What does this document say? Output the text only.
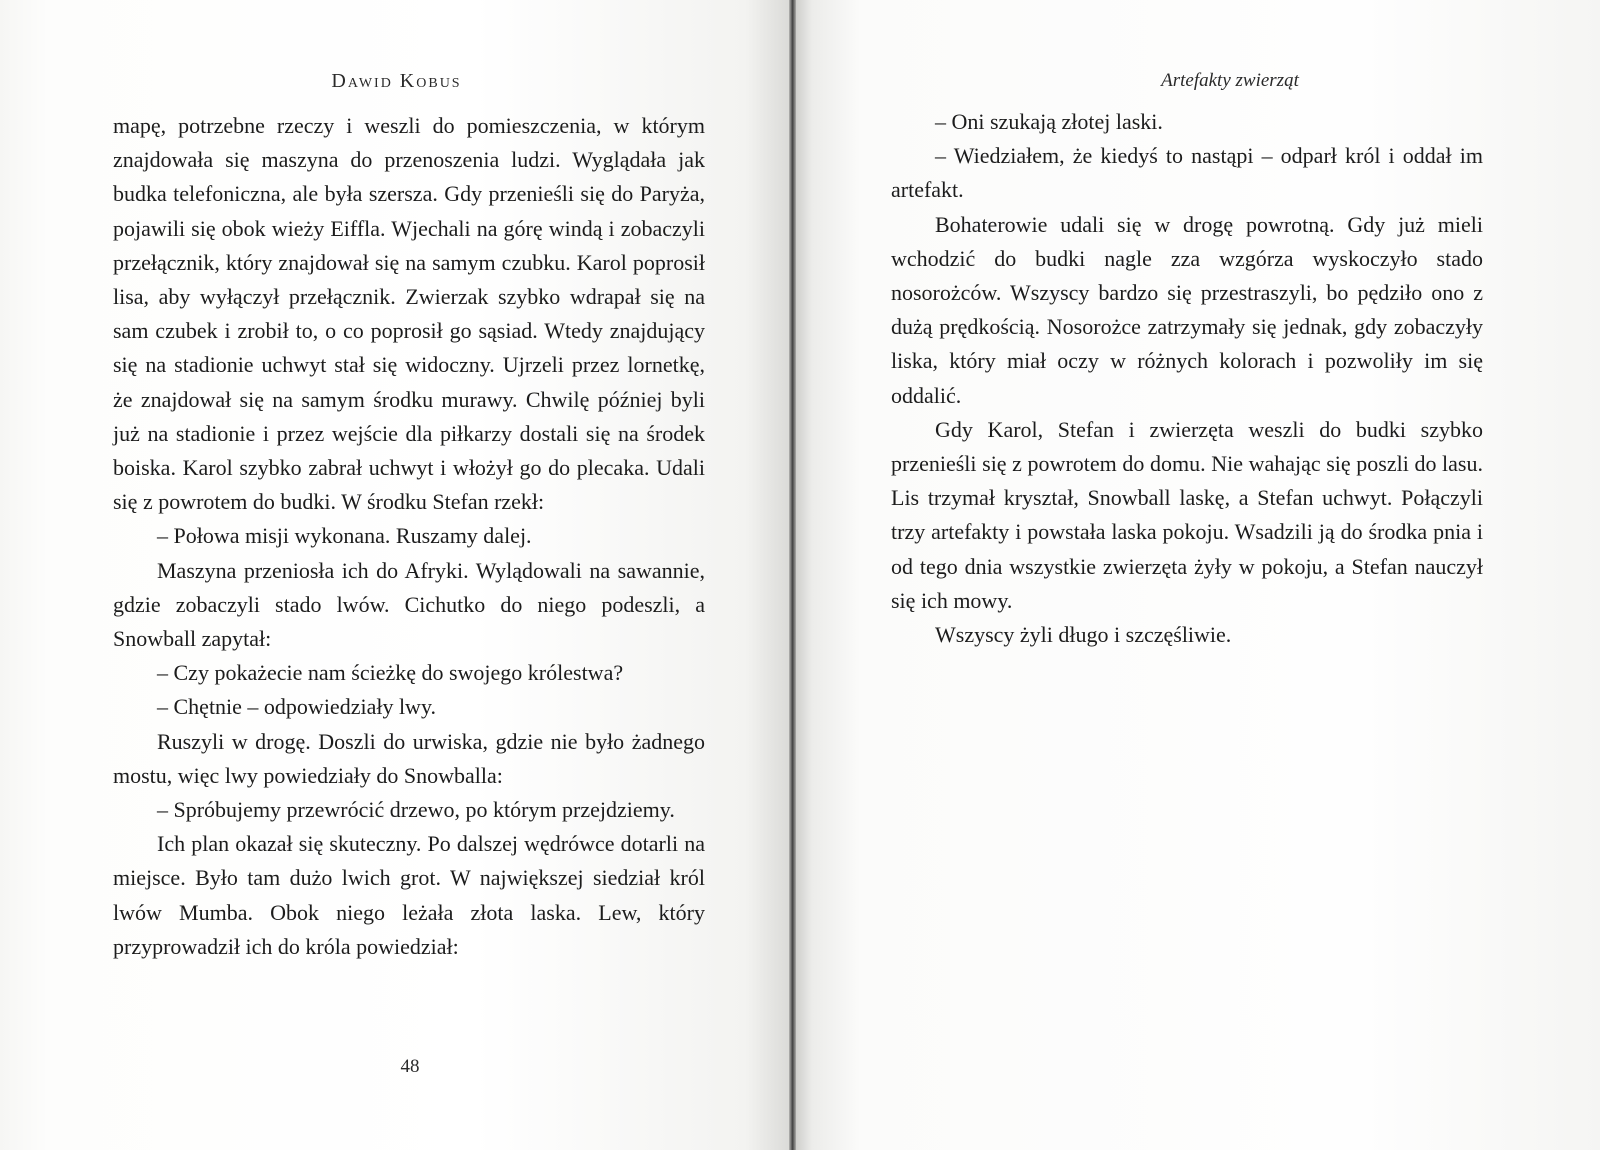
Dawid Kobus

mapę, potrzebne rzeczy i weszli do pomieszczenia, w którym znajdowała się maszyna do przenoszenia ludzi. Wyglądała jak budka telefoniczna, ale była szersza. Gdy przenieśli się do Paryża, pojawili się obok wieży Eiffla. Wjechali na górę windą i zobaczyli przełącznik, który znajdował się na samym czubku. Karol poprosił lisa, aby wyłączył przełącznik. Zwierzak szybko wdrapał się na sam czubek i zrobił to, o co poprosił go sąsiad. Wtedy znajdujący się na stadionie uchwyt stał się widoczny. Ujrzeli przez lornetkę, że znajdował się na samym środku murawy. Chwilę później byli już na stadionie i przez wejście dla piłkarzy dostali się na środek boiska. Karol szybko zabrał uchwyt i włożył go do plecaka. Udali się z powrotem do budki. W środku Stefan rzekł:

– Połowa misji wykonana. Ruszamy dalej.

Maszyna przeniosła ich do Afryki. Wylądowali na sawannie, gdzie zobaczyli stado lwów. Cichutko do niego podeszli, a Snowball zapytał:

– Czy pokażecie nam ścieżkę do swojego królestwa?

– Chętnie – odpowiedziały lwy.

Ruszyli w drogę. Doszli do urwiska, gdzie nie było żadnego mostu, więc lwy powiedziały do Snowballa:

– Spróbujemy przewrócić drzewo, po którym przejdziemy.

Ich plan okazał się skuteczny. Po dalszej wędrówce dotarli na miejsce. Było tam dużo lwich grot. W największej siedział król lwów Mumba. Obok niego leżała złota laska. Lew, który przyprowadził ich do króla powiedział:

48
Artefakty zwierząt

– Oni szukają złotej laski.

– Wiedziałem, że kiedyś to nastąpi – odparł król i oddał im artefakt.

Bohaterowie udali się w drogę powrotną. Gdy już mieli wchodzić do budki nagle zza wzgórza wyskoczyło stado nosorożców. Wszyscy bardzo się przestraszyli, bo pędziło ono z dużą prędkością. Nosorożce zatrzymały się jednak, gdy zobaczyły liska, który miał oczy w różnych kolorach i pozwoliły im się oddalić.

Gdy Karol, Stefan i zwierzęta weszli do budki szybko przenieśli się z powrotem do domu. Nie wahając się poszli do lasu. Lis trzymał kryształ, Snowball laskę, a Stefan uchwyt. Połączyli trzy artefakty i powstała laska pokoju. Wsadzili ją do środka pnia i od tego dnia wszystkie zwierzęta żyły w pokoju, a Stefan nauczył się ich mowy.

Wszyscy żyli długo i szczęśliwie.
